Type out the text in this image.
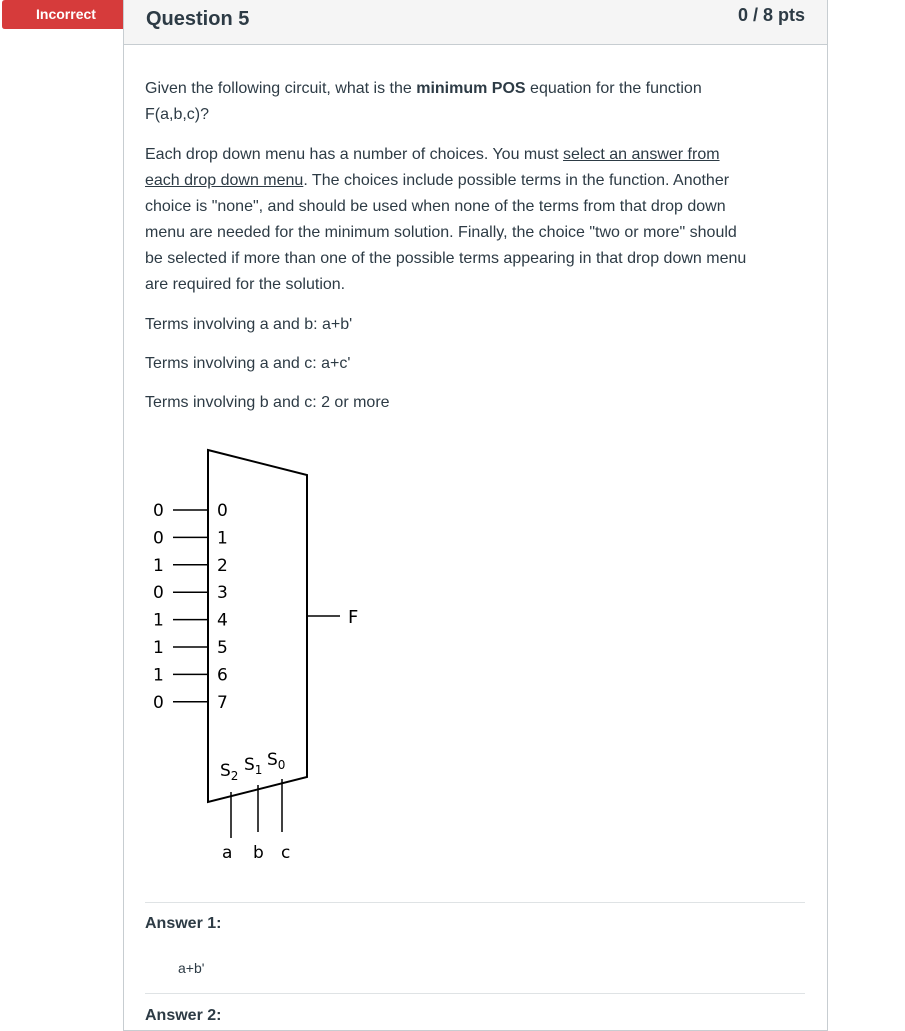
Incorrect	Question 5	0 / 8 pts
Given the following circuit, what is the minimum POS equation for the function
F(a,b,c)?
Each drop down menu has a number of choices. You must select an answer from
each drop down menu. The choices include possible terms in the function. Another
choice is "none", and should be used when none of the terms from that drop down
menu are needed for the minimum solution. Finally, the choice "two or more" should
be selected if more than one of the possible terms appearing in that drop down menu
are required for the solution.
Terms involving a and b: a+b'
Terms involving a and c: a+c'
Terms involving b and c: 2 or more
0	0
0	1
1	2
0	3
1	4
1	5
1	6
0	7
F
$S_2$
$S_1$ $S_0$
a b c
Answer 1:
a+b'
Answer 2:
